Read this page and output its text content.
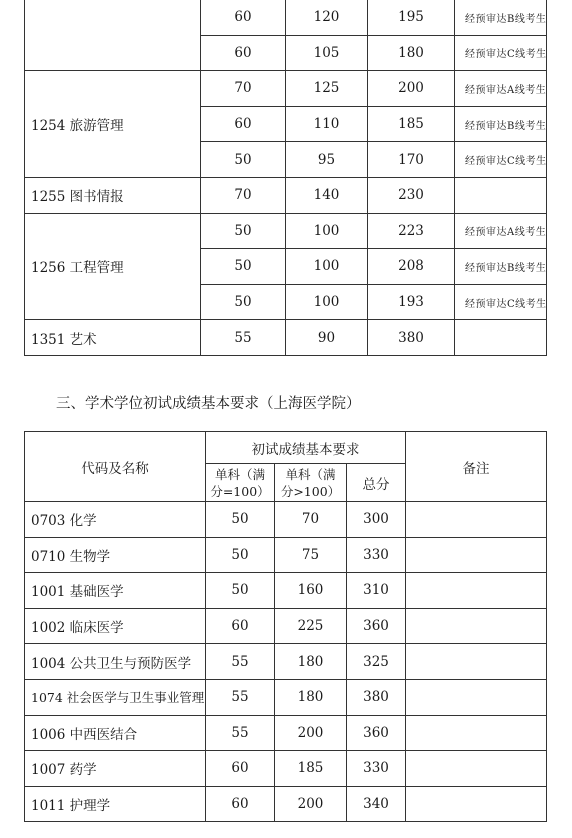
	60	120	195	经预审达B线考生
	60	105	180	经预审达C线考生
1254 旅游管理	70	125	200	经预审达A线考生
	60	110	185	经预审达B线考生
	50	95	170	经预审达C线考生
1255 图书情报	70	140	230	
1256 工程管理	50	100	223	经预审达A线考生
	50	100	208	经预审达B线考生
	50	100	193	经预审达C线考生
1351 艺术	55	90	380	
三、学术学位初试成绩基本要求（上海医学院）
代码及名称	初试成绩基本要求			备注
	单科（满分=100）	单科（满分>100）	总分	
0703 化学	50	70	300	
0710 生物学	50	75	330	
1001 基础医学	50	160	310	
1002 临床医学	60	225	360	
1004 公共卫生与预防医学	55	180	325	
1074 社会医学与卫生事业管理	55	180	380	
1006 中西医结合	55	200	360	
1007 药学	60	185	330	
1011 护理学	60	200	340	
